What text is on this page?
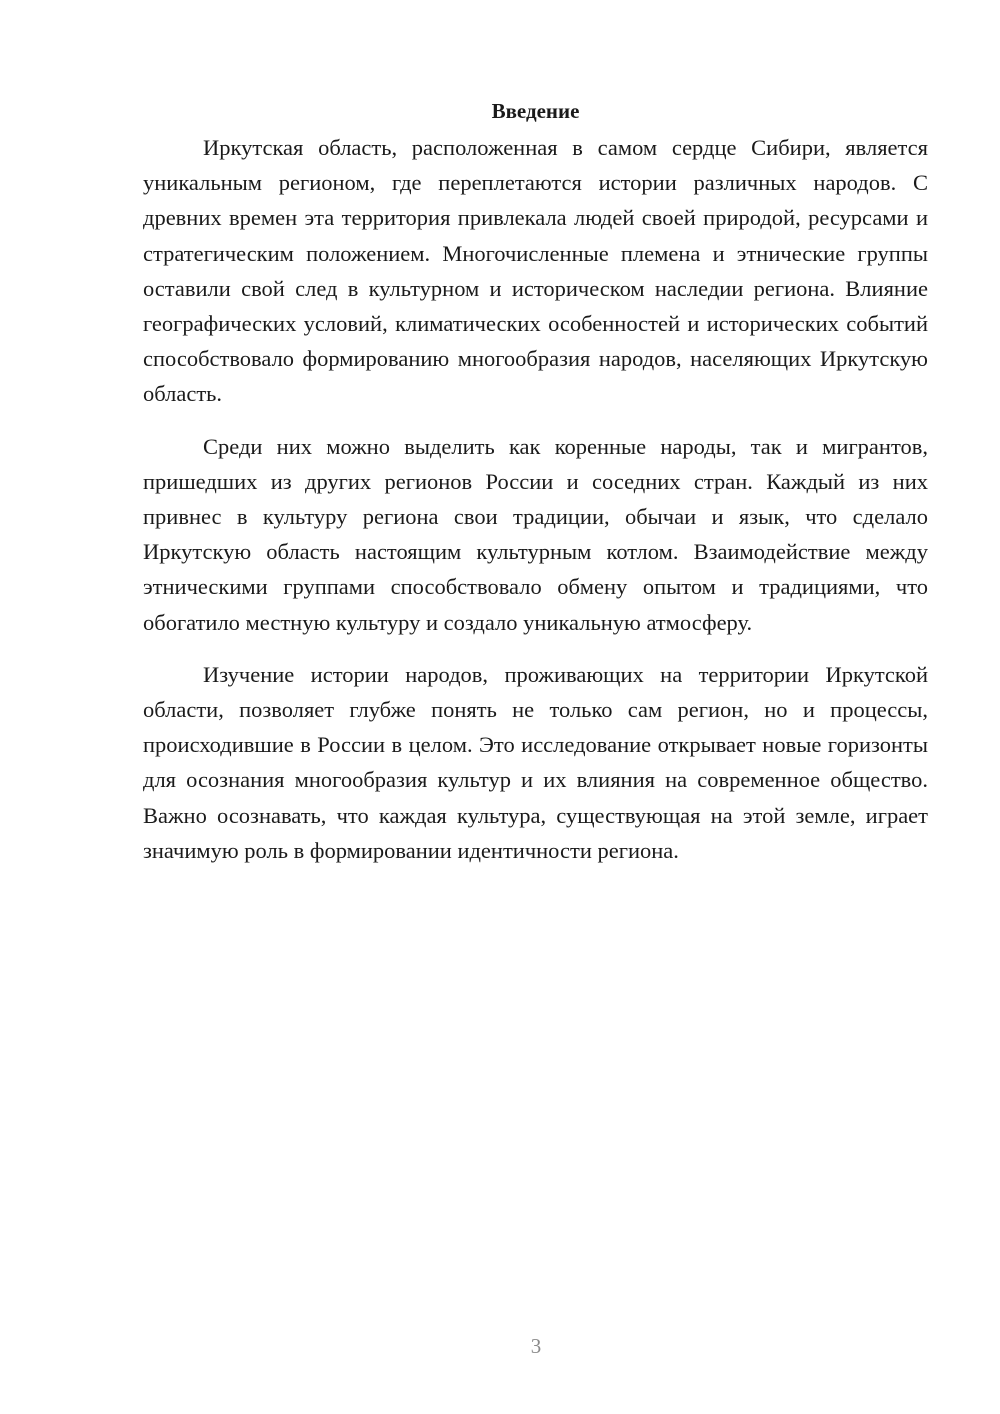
Введение

Иркутская область, расположенная в самом сердце Сибири, является уникальным регионом, где переплетаются истории различных народов. С древних времен эта территория привлекала людей своей природой, ресурсами и стратегическим положением. Многочисленные племена и этнические группы оставили свой след в культурном и историческом наследии региона. Влияние географических условий, климатических особенностей и исторических событий способствовало формированию многообразия народов, населяющих Иркутскую область.

Среди них можно выделить как коренные народы, так и мигрантов, пришедших из других регионов России и соседних стран. Каждый из них привнес в культуру региона свои традиции, обычаи и язык, что сделало Иркутскую область настоящим культурным котлом. Взаимодействие между этническими группами способствовало обмену опытом и традициями, что обогатило местную культуру и создало уникальную атмосферу.

Изучение истории народов, проживающих на территории Иркутской области, позволяет глубже понять не только сам регион, но и процессы, происходившие в России в целом. Это исследование открывает новые горизонты для осознания многообразия культур и их влияния на современное общество. Важно осознавать, что каждая культура, существующая на этой земле, играет значимую роль в формировании идентичности региона.

3
